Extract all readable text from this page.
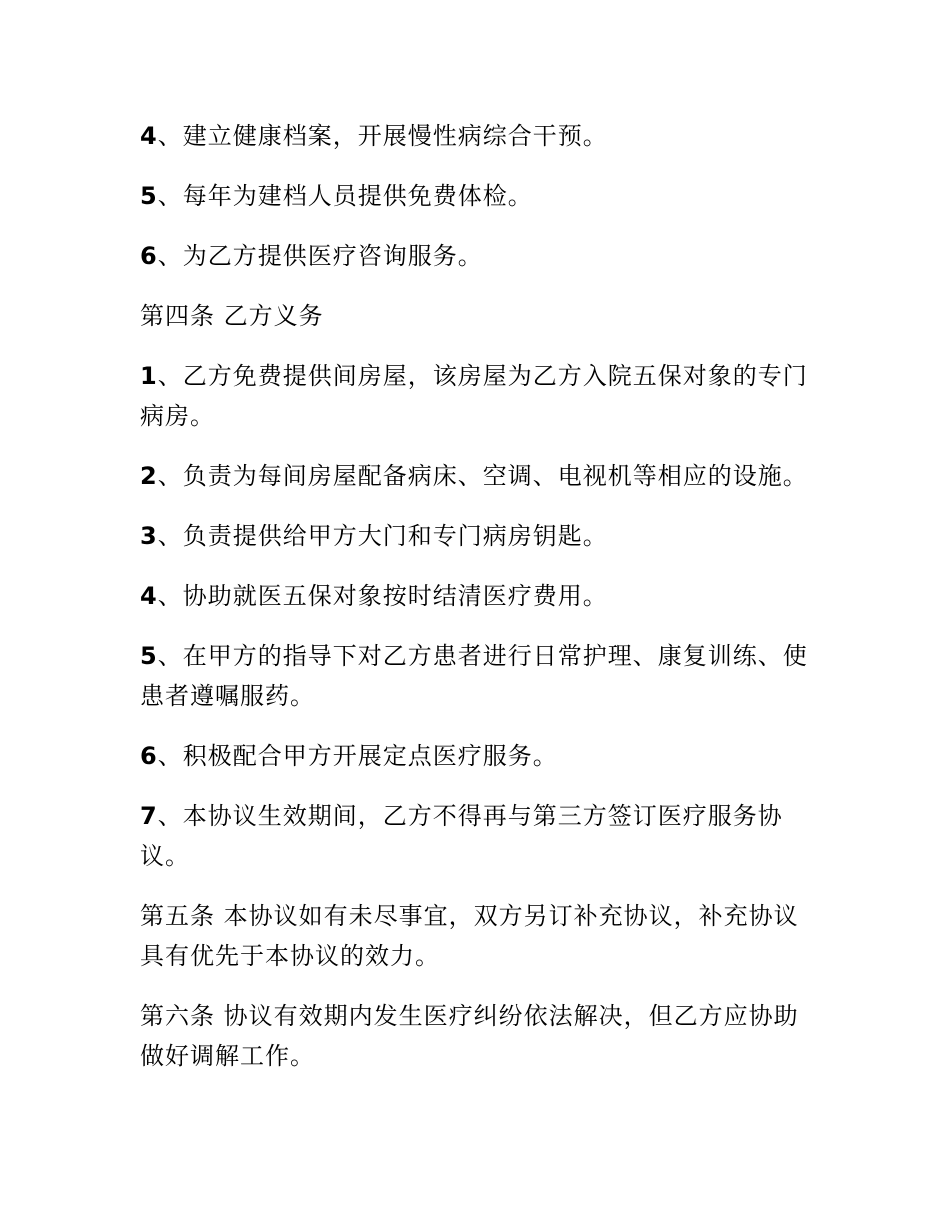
4、建立健康档案，开展慢性病综合干预。

5、每年为建档人员提供免费体检。

6、为乙方提供医疗咨询服务。

第四条 乙方义务

1、乙方免费提供间房屋，该房屋为乙方入院五保对象的专门病房。

2、负责为每间房屋配备病床、空调、电视机等相应的设施。

3、负责提供给甲方大门和专门病房钥匙。

4、协助就医五保对象按时结清医疗费用。

5、在甲方的指导下对乙方患者进行日常护理、康复训练、使患者遵嘱服药。

6、积极配合甲方开展定点医疗服务。

7、本协议生效期间，乙方不得再与第三方签订医疗服务协议。

第五条 本协议如有未尽事宜，双方另订补充协议，补充协议具有优先于本协议的效力。

第六条 协议有效期内发生医疗纠纷依法解决，但乙方应协助做好调解工作。
